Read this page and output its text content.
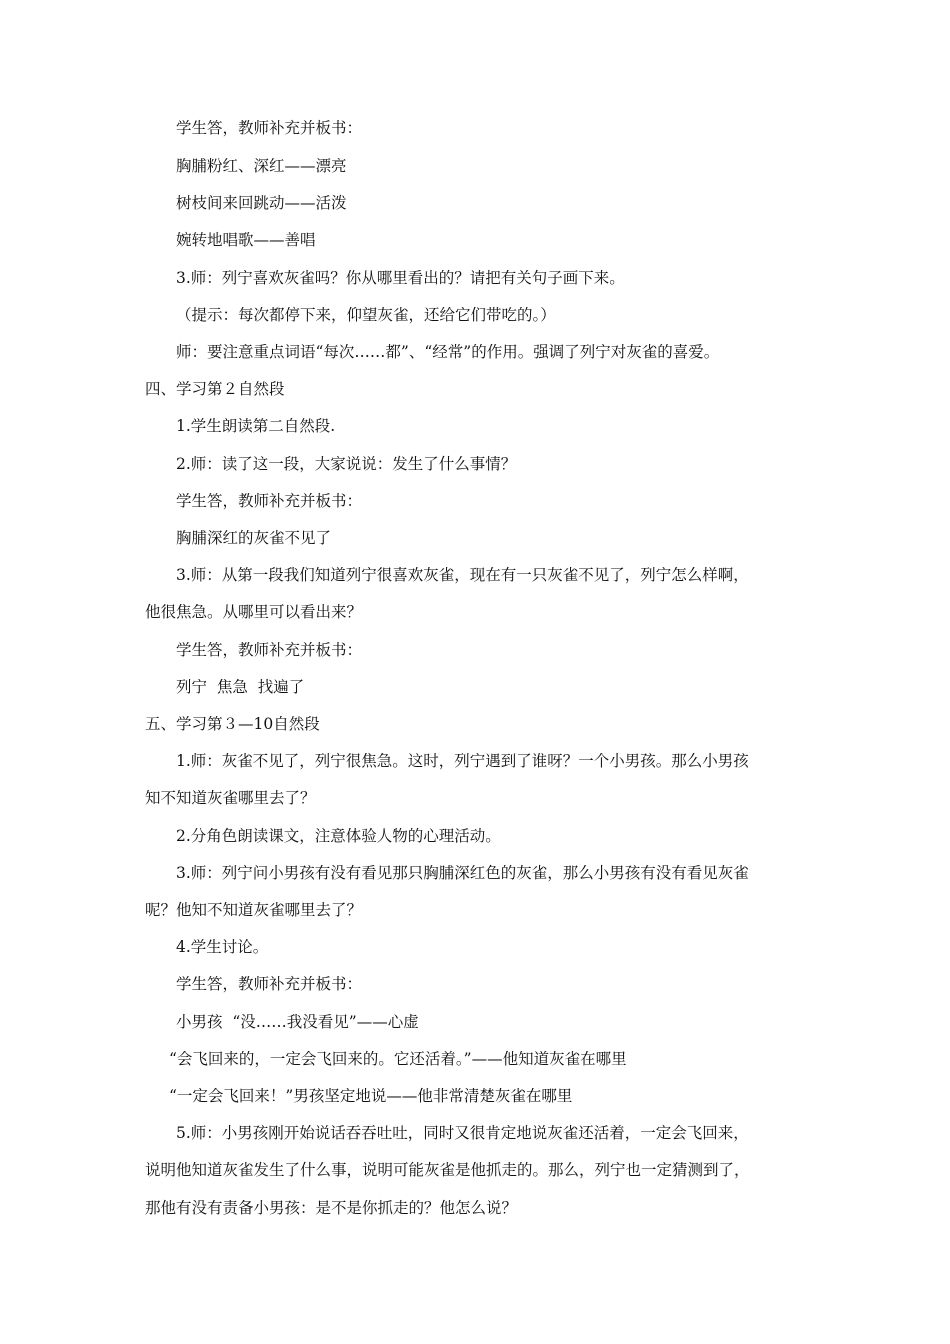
学生答，教师补充并板书：
胸脯粉红、深红——漂亮
树枝间来回跳动——活泼
婉转地唱歌——善唱
3.师：列宁喜欢灰雀吗？你从哪里看出的？请把有关句子画下来。
（提示：每次都停下来，仰望灰雀，还给它们带吃的。）
师：要注意重点词语“每次……都”、“经常”的作用。强调了列宁对灰雀的喜爱。
四、学习第２自然段
1.学生朗读第二自然段.
2.师：读了这一段，大家说说：发生了什么事情？
学生答，教师补充并板书：
胸脯深红的灰雀不见了
3.师：从第一段我们知道列宁很喜欢灰雀，现在有一只灰雀不见了，列宁怎么样啊，
他很焦急。从哪里可以看出来？
学生答，教师补充并板书：
列宁  焦急  找遍了
五、学习第３—10自然段
1.师：灰雀不见了，列宁很焦急。这时，列宁遇到了谁呀？一个小男孩。那么小男孩
知不知道灰雀哪里去了？
2.分角色朗读课文，注意体验人物的心理活动。
3.师：列宁问小男孩有没有看见那只胸脯深红色的灰雀，那么小男孩有没有看见灰雀
呢？他知不知道灰雀哪里去了？
4.学生讨论。
学生答，教师补充并板书：
小男孩  “没……我没看见”——心虚
“会飞回来的，一定会飞回来的。它还活着。”——他知道灰雀在哪里
“一定会飞回来！”男孩坚定地说——他非常清楚灰雀在哪里
5.师：小男孩刚开始说话吞吞吐吐，同时又很肯定地说灰雀还活着，一定会飞回来，
说明他知道灰雀发生了什么事，说明可能灰雀是他抓走的。那么，列宁也一定猜测到了，
那他有没有责备小男孩：是不是你抓走的？他怎么说？
